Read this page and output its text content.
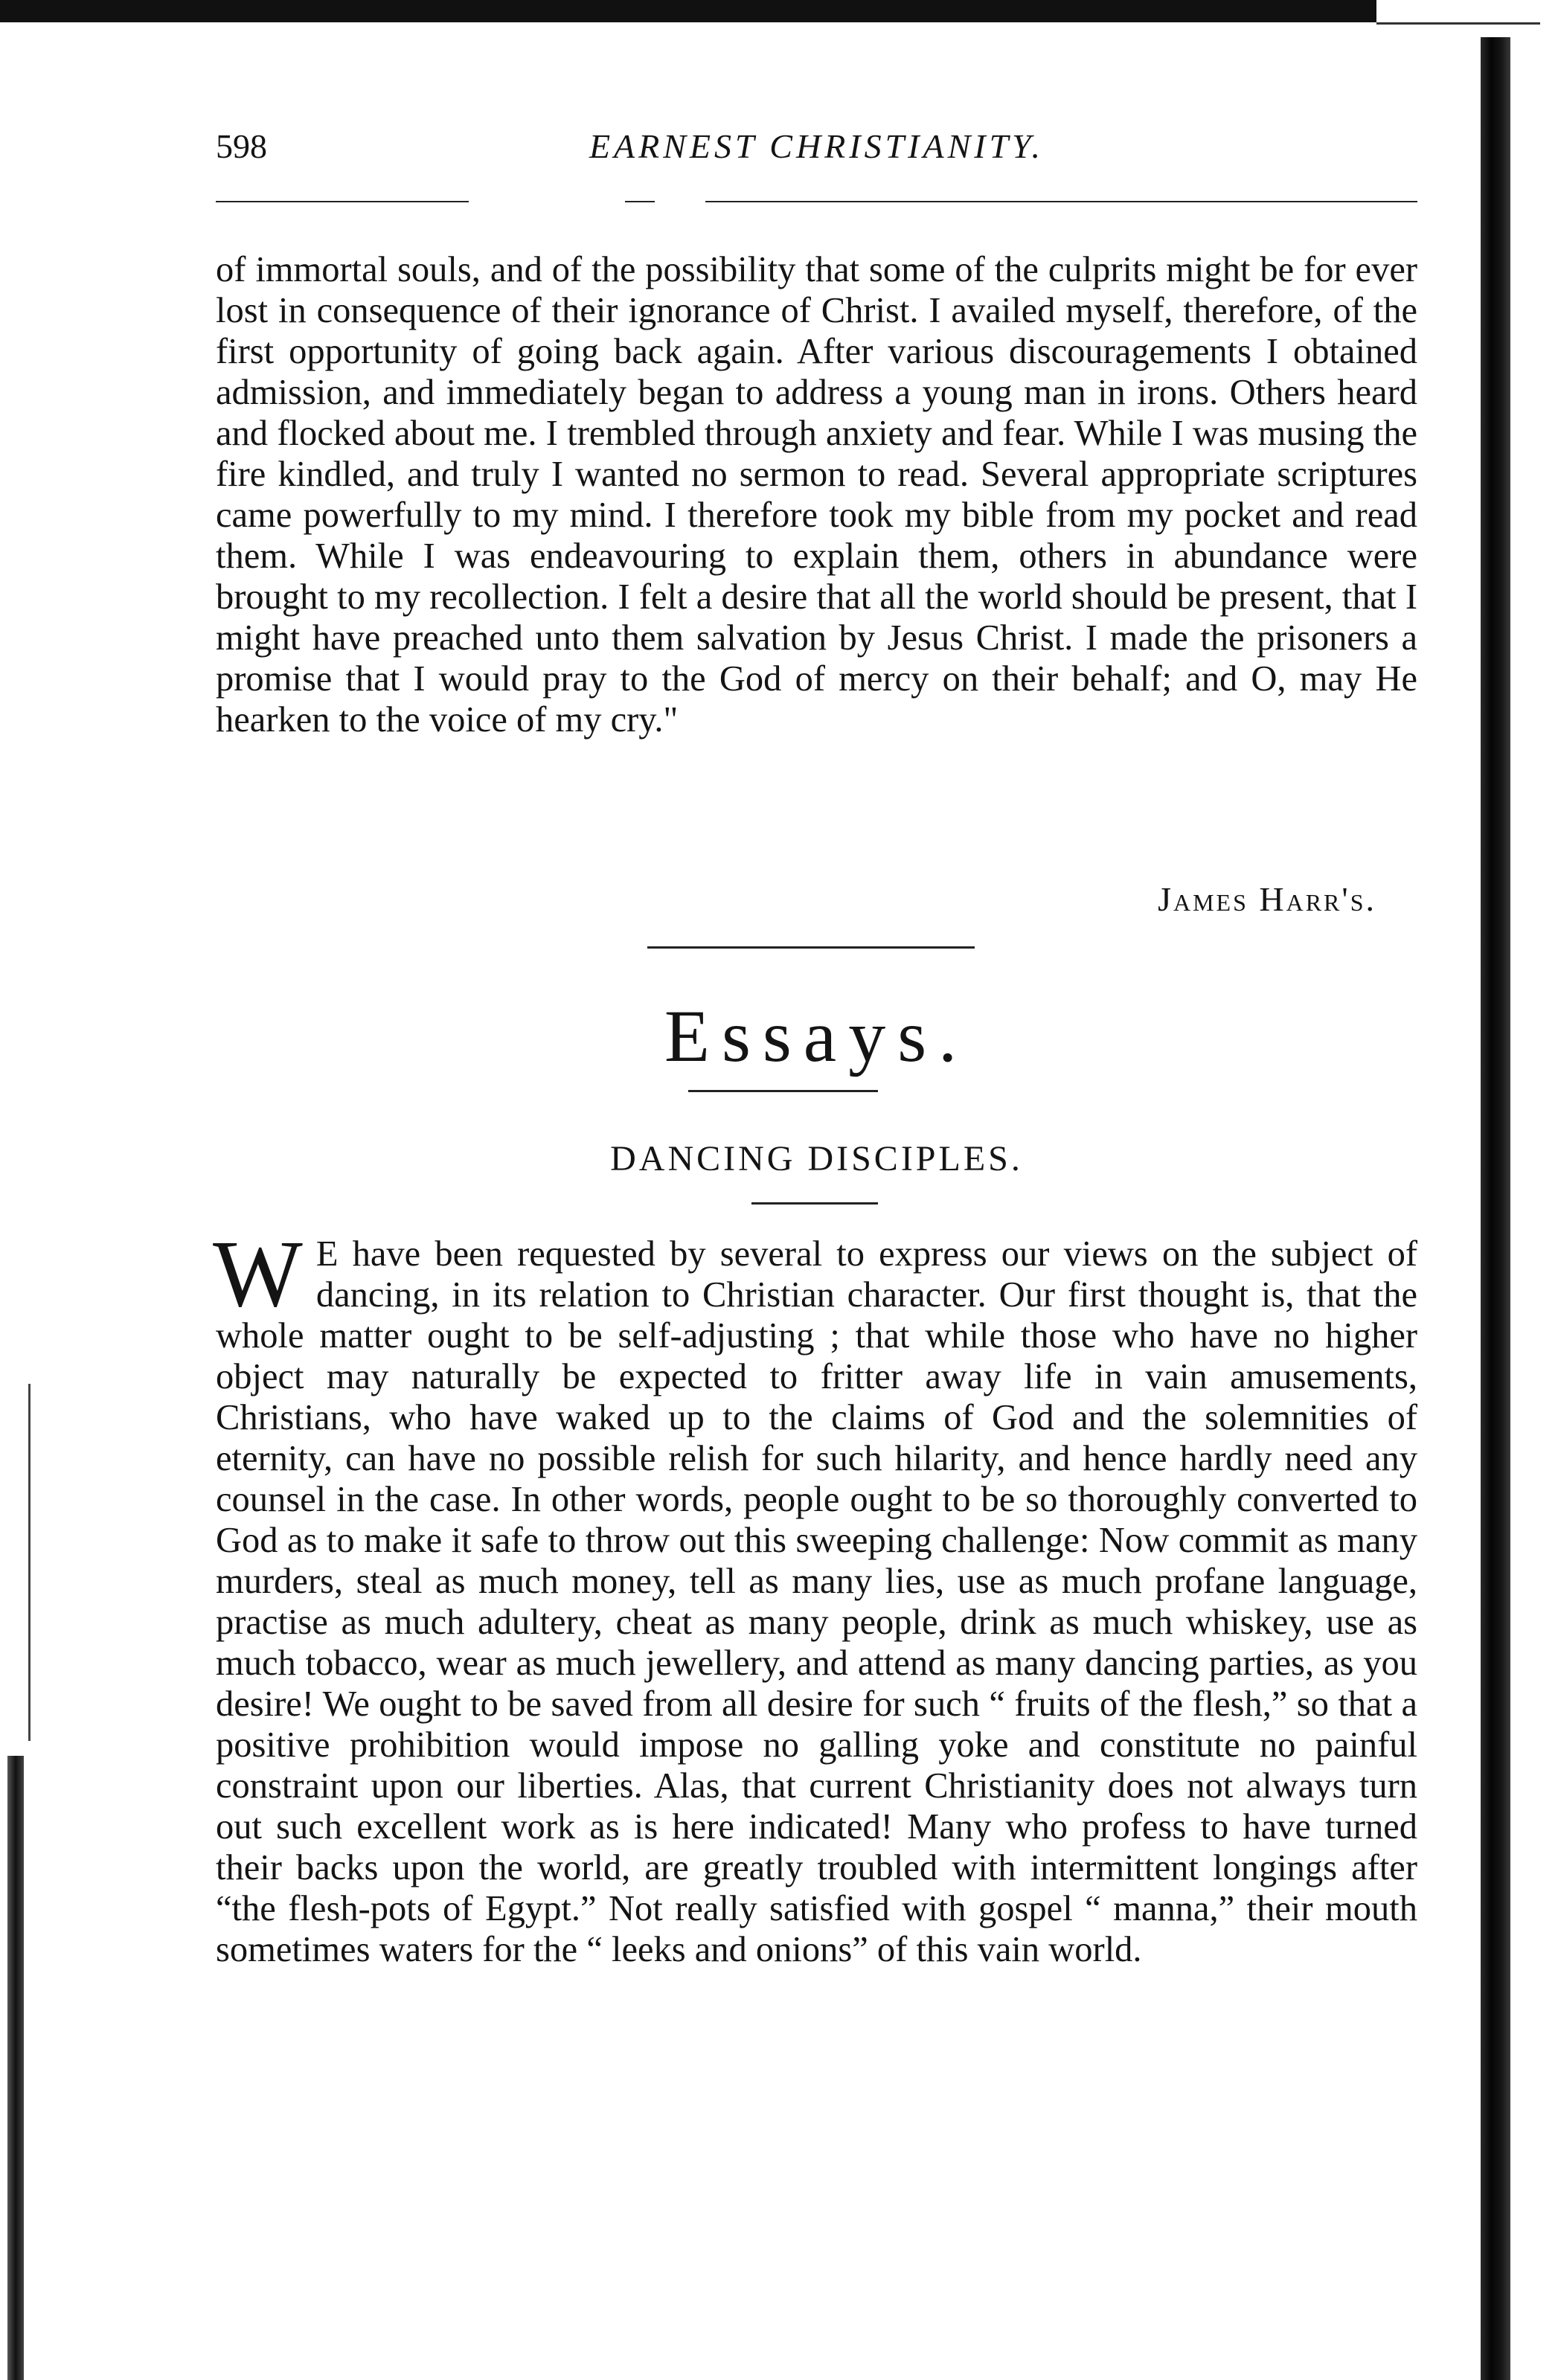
598	EARNEST CHRISTIANITY.

of immortal souls, and of the possibility that some of the culprits might be for ever lost in consequence of their ignorance of Christ. I availed myself, therefore, of the first opportunity of going back again. After various discouragements I obtained admission, and immediately began to address a young man in irons. Others heard and flocked about me. I trembled through anxiety and fear. While I was musing the fire kindled, and truly I wanted no sermon to read. Several appropriate scriptures came powerfully to my mind. I therefore took my bible from my pocket and read them. While I was endeavouring to explain them, others in abundance were brought to my recollection. I felt a desire that all the world should be present, that I might have preached unto them salvation by Jesus Christ. I made the prisoners a promise that I would pray to the God of mercy on their behalf; and O, may He hearken to the voice of my cry."

James Harr's.
Essays.
DANCING DISCIPLES.

W E have been requested by several to express our views on the subject of dancing, in its relation to Christian character. Our first thought is, that the whole matter ought to be self-adjusting ; that while those who have no higher object may naturally be expected to fritter away life in vain amusements, Christians, who have waked up to the claims of God and the solemnities of eternity, can have no possible relish for such hilarity, and hence hardly need any counsel in the case. In other words, people ought to be so thoroughly converted to God as to make it safe to throw out this sweeping challenge: Now commit as many murders, steal as much money, tell as many lies, use as much profane language, practise as much adultery, cheat as many people, drink as much whiskey, use as much tobacco, wear as much jewellery, and attend as many dancing parties, as you desire! We ought to be saved from all desire for such “ fruits of the flesh,” so that a positive prohibition would impose no galling yoke and constitute no painful constraint upon our liberties. Alas, that current Christianity does not always turn out such excellent work as is here indicated! Many who profess to have turned their backs upon the world, are greatly troubled with intermittent longings after “the flesh-pots of Egypt.” Not really satisfied with gospel “ manna,” their mouth sometimes waters for the “ leeks and onions” of this vain world.
